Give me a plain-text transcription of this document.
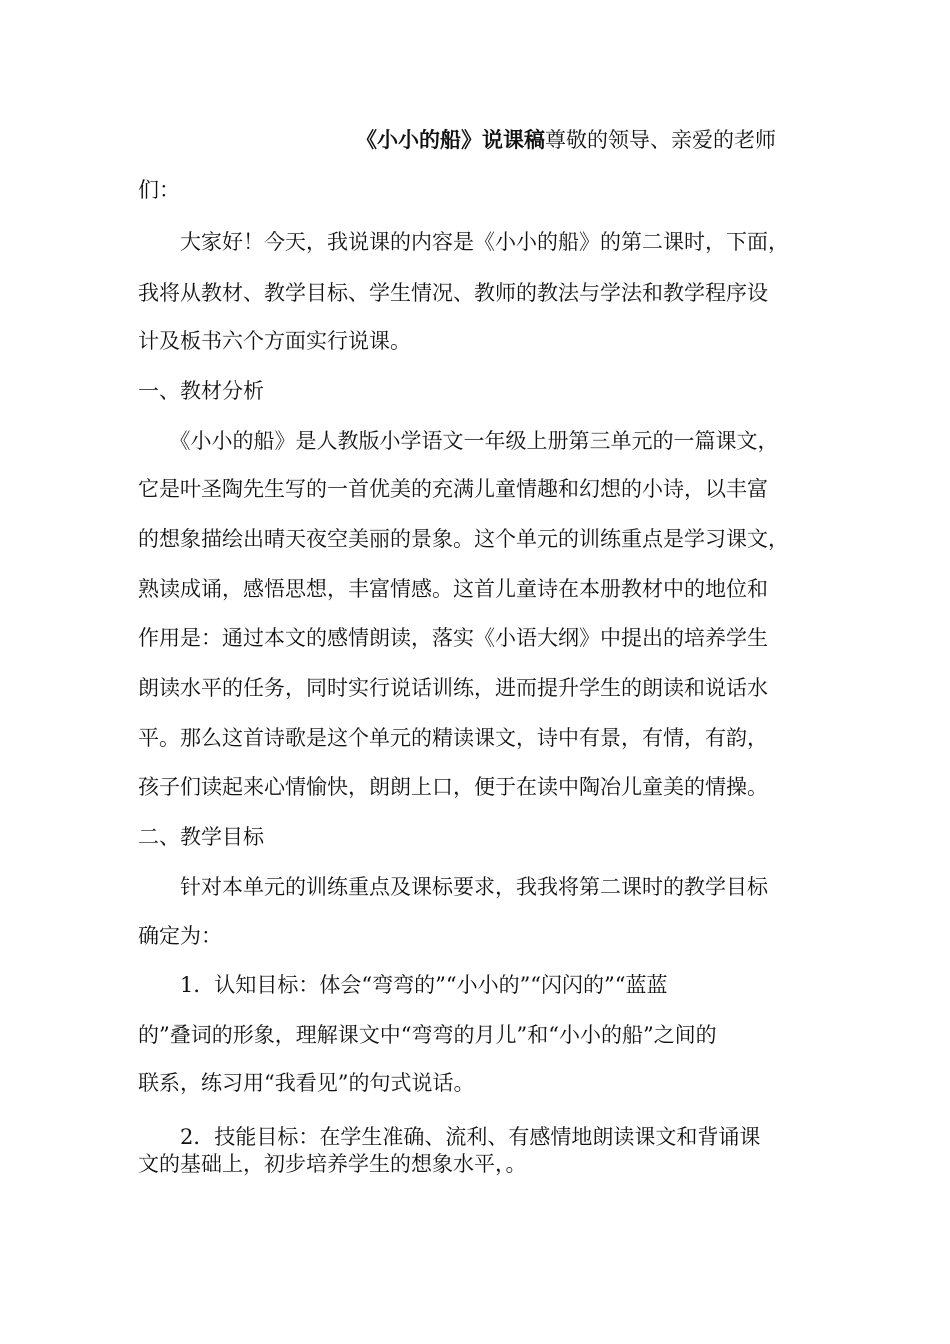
《小小的船》说课稿尊敬的领导、亲爱的老师
们：
　　大家好！今天，我说课的内容是《小小的船》的第二课时，下面，
我将从教材、教学目标、学生情况、教师的教法与学法和教学程序设
计及板书六个方面实行说课。
一、教材分析
　　《小小的船》是人教版小学语文一年级上册第三单元的一篇课文，
它是叶圣陶先生写的一首优美的充满儿童情趣和幻想的小诗，以丰富
的想象描绘出晴天夜空美丽的景象。这个单元的训练重点是学习课文，
熟读成诵，感悟思想，丰富情感。这首儿童诗在本册教材中的地位和
作用是：通过本文的感情朗读，落实《小语大纲》中提出的培养学生
朗读水平的任务，同时实行说话训练，进而提升学生的朗读和说话水
平。那么这首诗歌是这个单元的精读课文，诗中有景，有情，有韵，
孩子们读起来心情愉快，朗朗上口，便于在读中陶冶儿童美的情操。
二、教学目标
　　针对本单元的训练重点及课标要求，我我将第二课时的教学目标
确定为：
　　1．认知目标：体会“弯弯的”“小小的”“闪闪的”“蓝蓝
的”叠词的形象，理解课文中“弯弯的月儿”和“小小的船”之间的
联系，练习用“我看见”的句式说话。
　　2．技能目标：在学生准确、流利、有感情地朗读课文和背诵课
文的基础上，初步培养学生的想象水平，。
